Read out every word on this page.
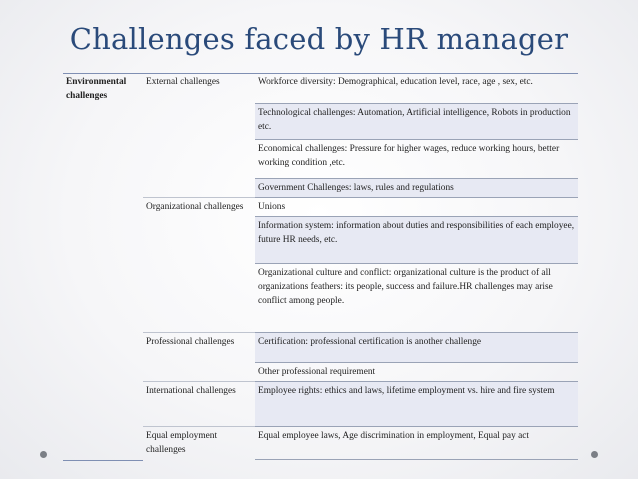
Challenges faced by HR manager
Environmental challenges	External challenges	Workforce diversity: Demographical, education level, race, age , sex, etc.
		Technological challenges: Automation, Artificial intelligence, Robots in production etc.
		Economical challenges: Pressure for higher wages, reduce working hours, better working condition ,etc.
		Government Challenges: laws, rules and regulations
	Organizational challenges	Unions
		Information system: information about duties and responsibilities of each employee, future HR needs, etc.
		Organizational culture and conflict: organizational culture is the product of all organizations feathers: its people, success and failure.HR challenges may arise conflict among people.
	Professional challenges	Certification: professional certification is another challenge
		Other professional requirement
	International challenges	Employee rights: ethics and laws, lifetime employment vs. hire and fire system
	Equal employment challenges	Equal employee laws, Age discrimination in employment, Equal pay act
